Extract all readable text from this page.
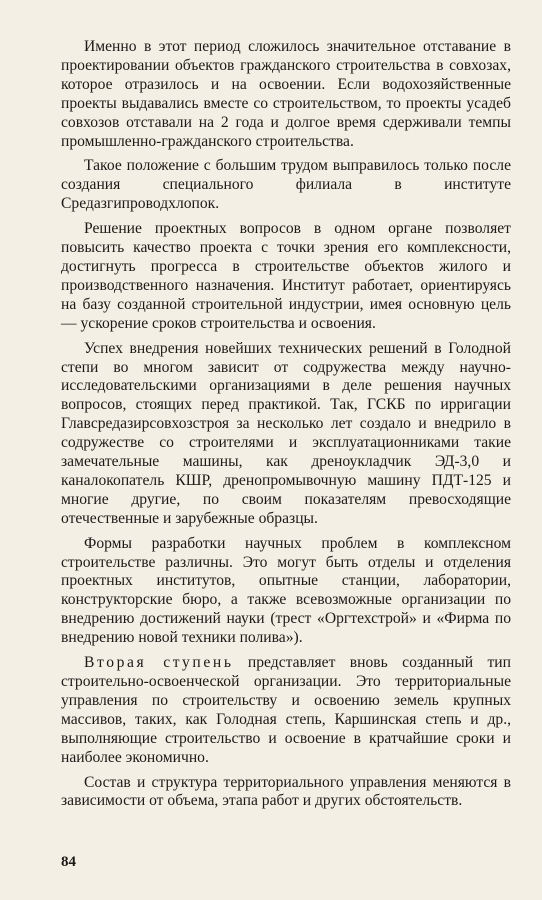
Именно в этот период сложилось значительное отставание в проектировании объектов гражданского строительства в совхозах, которое отразилось и на освоении. Если водохозяйственные проекты выдавались вместе со строительством, то проекты усадеб совхозов отставали на 2 года и долгое время сдерживали темпы промышленно-гражданского строительства.

Такое положение с большим трудом выправилось только после создания специального филиала в институте Средазгипроводхлопок.

Решение проектных вопросов в одном органе позволяет повысить качество проекта с точки зрения его комплексности, достигнуть прогресса в строительстве объектов жилого и производственного назначения. Институт работает, ориентируясь на базу созданной строительной индустрии, имея основную цель — ускорение сроков строительства и освоения.

Успех внедрения новейших технических решений в Голодной степи во многом зависит от содружества между научно-исследовательскими организациями в деле решения научных вопросов, стоящих перед практикой. Так, ГСКБ по ирригации Главсредазирсовхозстроя за несколько лет создало и внедрило в содружестве со строителями и эксплуатационниками такие замечательные машины, как дреноукладчик ЭД-3,0 и каналокопатель КШР, дренопромывочную машину ПДТ-125 и многие другие, по своим показателям превосходящие отечественные и зарубежные образцы.

Формы разработки научных проблем в комплексном строительстве различны. Это могут быть отделы и отделения проектных институтов, опытные станции, лаборатории, конструкторские бюро, а также всевозможные организации по внедрению достижений науки (трест «Оргтехстрой» и «Фирма по внедрению новой техники полива»).

Вторая ступень представляет вновь созданный тип строительно-освоенческой организации. Это территориальные управления по строительству и освоению земель крупных массивов, таких, как Голодная степь, Каршинская степь и др., выполняющие строительство и освоение в кратчайшие сроки и наиболее экономично.

Состав и структура территориального управления меняются в зависимости от объема, этапа работ и других обстоятельств.

84
